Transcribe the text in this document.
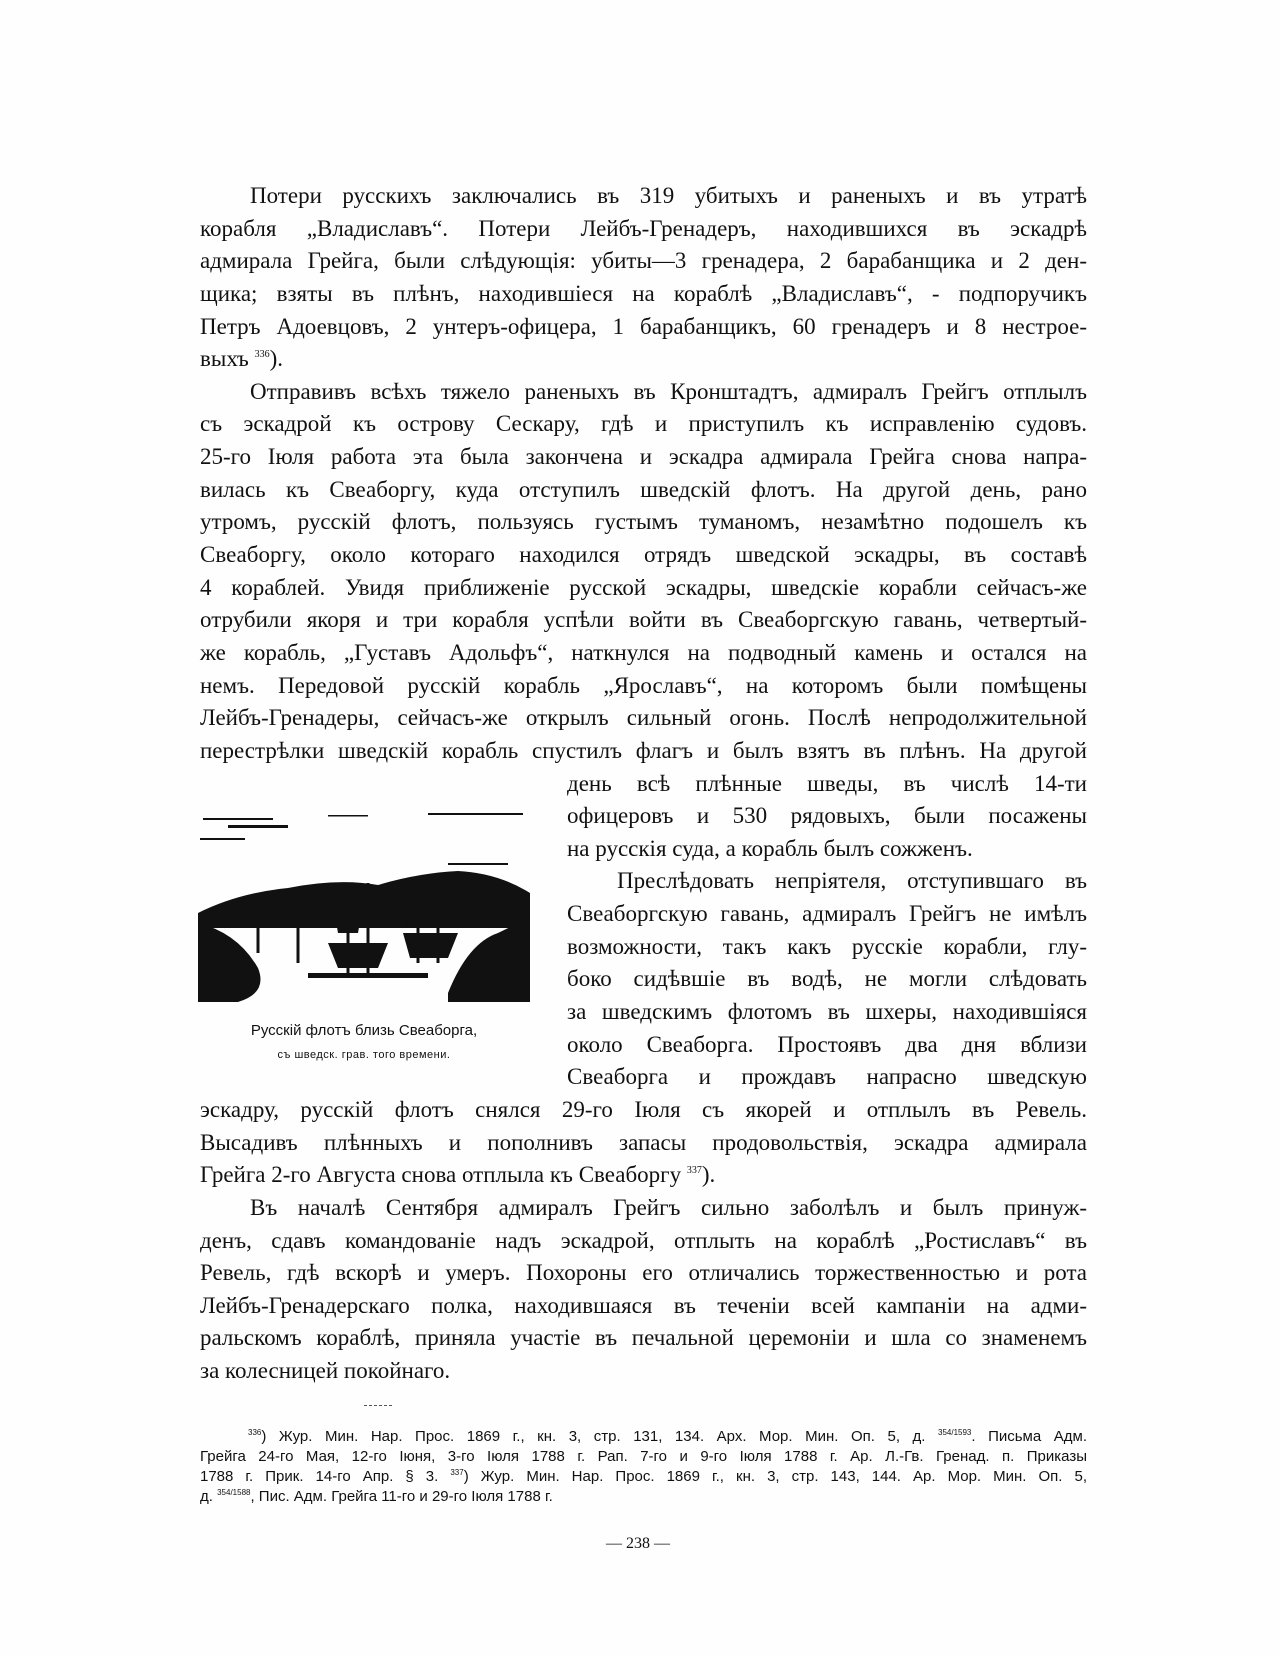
Потери русскихъ заключались въ 319 убитыхъ и раненыхъ и въ утратѣ
корабля „Владиславъ“. Потери Лейбъ-Гренадеръ, находившихся въ эскадрѣ
адмирала Грейга, были слѣдующія: убиты—3 гренадера, 2 барабанщика и 2 ден-
щика; взяты въ плѣнъ, находившіеся на кораблѣ „Владиславъ“, - подпоручикъ
Петръ Адоевцовъ, 2 унтеръ-офицера, 1 барабанщикъ, 60 гренадеръ и 8 нестрое-
выхъ $^{336}$).
Отправивъ всѣхъ тяжело раненыхъ въ Кронштадтъ, адмиралъ Грейгъ отплылъ
съ эскадрой къ острову Сескару, гдѣ и приступилъ къ исправленію судовъ.
25-го Іюля работа эта была закончена и эскадра адмирала Грейга снова напра-
вилась къ Свеаборгу, куда отступилъ шведскій флотъ. На другой день, рано
утромъ, русскій флотъ, пользуясь густымъ туманомъ, незамѣтно подошелъ къ
Свеаборгу, около котораго находился отрядъ шведской эскадры, въ составѣ
4 кораблей. Увидя приближеніе русской эскадры, шведскіе корабли сейчасъ-же
отрубили якоря и три корабля успѣли войти въ Свеаборгскую гавань, четвертый-
же корабль, „Густавъ Адольфъ“, наткнулся на подводный камень и остался на
немъ. Передовой русскій корабль „Ярославъ“, на которомъ были помѣщены
Лейбъ-Гренадеры, сейчасъ-же открылъ сильный огонь. Послѣ непродолжительной
перестрѣлки шведскій корабль спустилъ флагъ и былъ взятъ въ плѣнъ. На другой
день всѣ плѣнные шведы, въ числѣ 14-ти
офицеровъ и 530 рядовыхъ, были посажены
на русскія суда, а корабль былъ сожженъ.
Преслѣдовать непріятеля, отступившаго въ
Свеаборгскую гавань, адмиралъ Грейгъ не имѣлъ
возможности, такъ какъ русскіе корабли, глу-
боко сидѣвшіе въ водѣ, не могли слѣдовать
за шведскимъ флотомъ въ шхеры, находившіяся
около Свеаборга. Простоявъ два дня вблизи
Свеаборга и прождавъ напрасно шведскую
эскадру, русскій флотъ снялся 29-го Іюля съ якорей и отплылъ въ Ревель.
Высадивъ плѣнныхъ и пополнивъ запасы продовольствія, эскадра адмирала
Грейга 2-го Августа снова отплыла къ Свеаборгу $^{337}$).
Въ началѣ Сентября адмиралъ Грейгъ сильно заболѣлъ и былъ принуж-
денъ, сдавъ командованіе надъ эскадрой, отплыть на кораблѣ „Ростиславъ“ въ
Ревель, гдѣ вскорѣ и умеръ. Похороны его отличались торжественностью и рота
Лейбъ-Гренадерскаго полка, находившаяся въ теченіи всей кампаніи на адми-
ральскомъ кораблѣ, приняла участіе въ печальной церемоніи и шла со знаменемъ
за колесницей покойнаго.
Русскій флотъ близь Свеаборга,
съ шведск. грав. того времени.
$^{336}$) Жур. Мин. Нар. Прос. 1869 г., кн. 3, стр. 131, 134. Арх. Мор. Мин. Оп. 5, д. $^{354/1593}$. Письма Адм.
Грейга 24-го Мая, 12-го Іюня, 3-го Іюля 1788 г. Рап. 7-го и 9-го Іюля 1788 г. Ар. Л.-Гв. Гренад. п. Приказы
1788 г. Прик. 14-го Апр. § 3. $^{337}$) Жур. Мин. Нар. Прос. 1869 г., кн. 3, стр. 143, 144. Ар. Мор. Мин. Оп. 5,
д. $^{354/1588}$, Пис. Адм. Грейга 11-го и 29-го Іюля 1788 г.
— 238 —
